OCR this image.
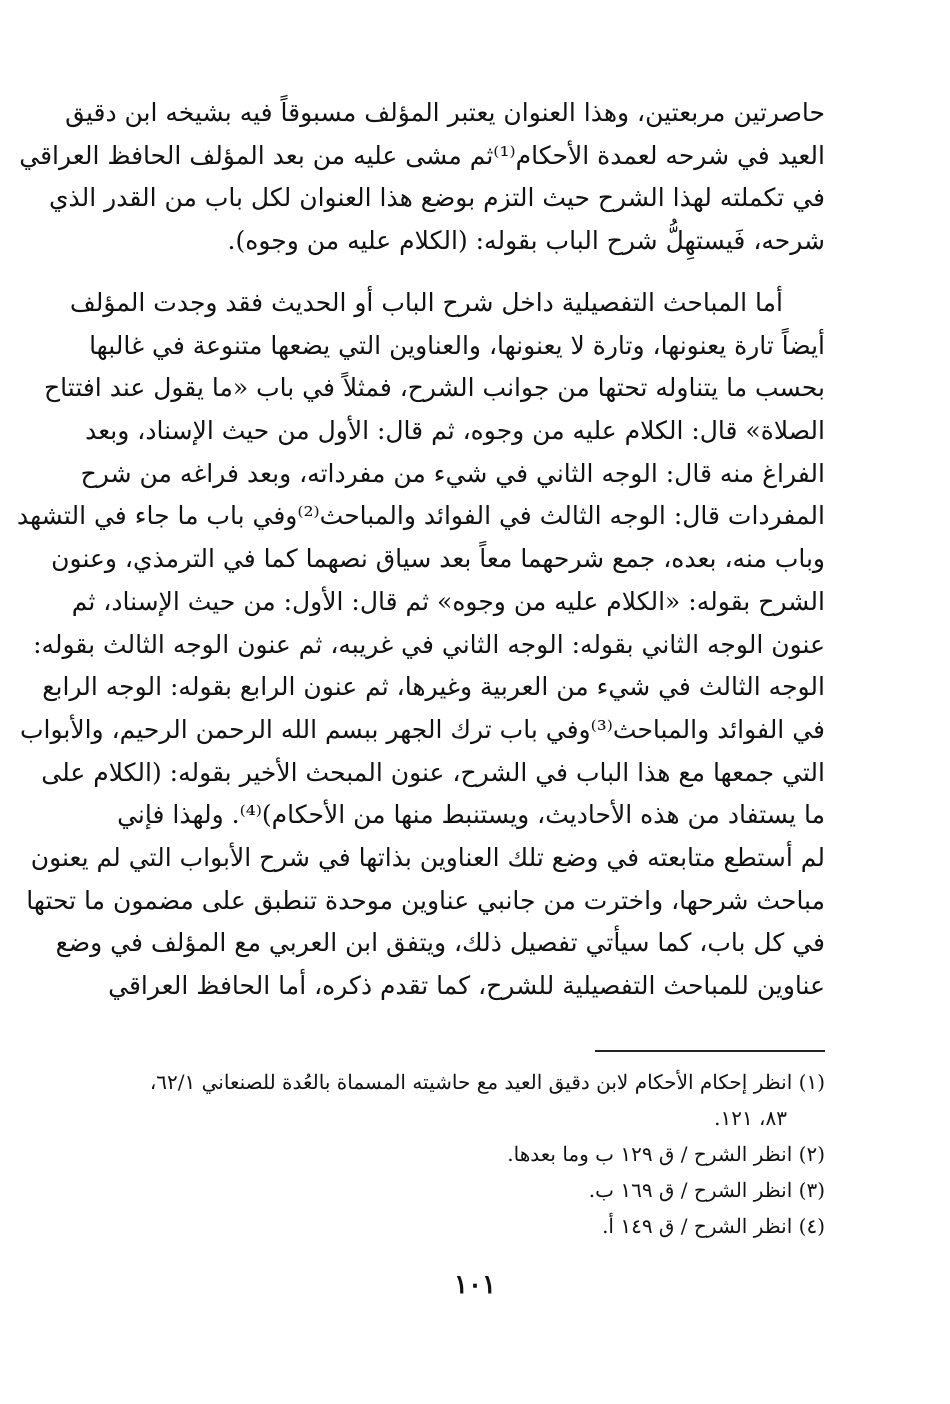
حاصرتين مربعتين، وهذا العنوان يعتبر المؤلف مسبوقاً فيه بشيخه ابن دقيق
العيد في شرحه لعمدة الأحكام⁽¹⁾ثم مشى عليه من بعد المؤلف الحافظ العراقي
في تكملته لهذا الشرح حيث التزم بوضع هذا العنوان لكل باب من القدر الذي
شرحه، فَيستهِلُّ شرح الباب بقوله: (الكلام عليه من وجوه).
أما المباحث التفصيلية داخل شرح الباب أو الحديث فقد وجدت المؤلف
أيضاً تارة يعنونها، وتارة لا يعنونها، والعناوين التي يضعها متنوعة في غالبها
بحسب ما يتناوله تحتها من جوانب الشرح، فمثلاً في باب «ما يقول عند افتتاح
الصلاة» قال: الكلام عليه من وجوه، ثم قال: الأول من حيث الإسناد، وبعد
الفراغ منه قال: الوجه الثاني في شيء من مفرداته، وبعد فراغه من شرح
المفردات قال: الوجه الثالث في الفوائد والمباحث⁽²⁾وفي باب ما جاء في التشهد
وباب منه، بعده، جمع شرحهما معاً بعد سياق نصهما كما في الترمذي، وعنون
الشرح بقوله: «الكلام عليه من وجوه» ثم قال: الأول: من حيث الإسناد، ثم
عنون الوجه الثاني بقوله: الوجه الثاني في غريبه، ثم عنون الوجه الثالث بقوله:
الوجه الثالث في شيء من العربية وغيرها، ثم عنون الرابع بقوله: الوجه الرابع
في الفوائد والمباحث⁽³⁾وفي باب ترك الجهر ببسم الله الرحمن الرحيم، والأبواب
التي جمعها مع هذا الباب في الشرح، عنون المبحث الأخير بقوله: (الكلام على
ما يستفاد من هذه الأحاديث، ويستنبط منها من الأحكام)⁽⁴⁾. ولهذا فإني
لم أستطع متابعته في وضع تلك العناوين بذاتها في شرح الأبواب التي لم يعنون
مباحث شرحها، واخترت من جانبي عناوين موحدة تنطبق على مضمون ما تحتها
في كل باب، كما سيأتي تفصيل ذلك، ويتفق ابن العربي مع المؤلف في وضع
عناوين للمباحث التفصيلية للشرح، كما تقدم ذكره، أما الحافظ العراقي
(١) انظر إحكام الأحكام لابن دقيق العيد مع حاشيته المسماة بالعُدة للصنعاني ٦٢/١،
٨٣، ١٢١.
(٢) انظر الشرح / ق ١٢٩ ب وما بعدها.
(٣) انظر الشرح / ق ١٦٩ ب.
(٤) انظر الشرح / ق ١٤٩ أ.
١٠١
